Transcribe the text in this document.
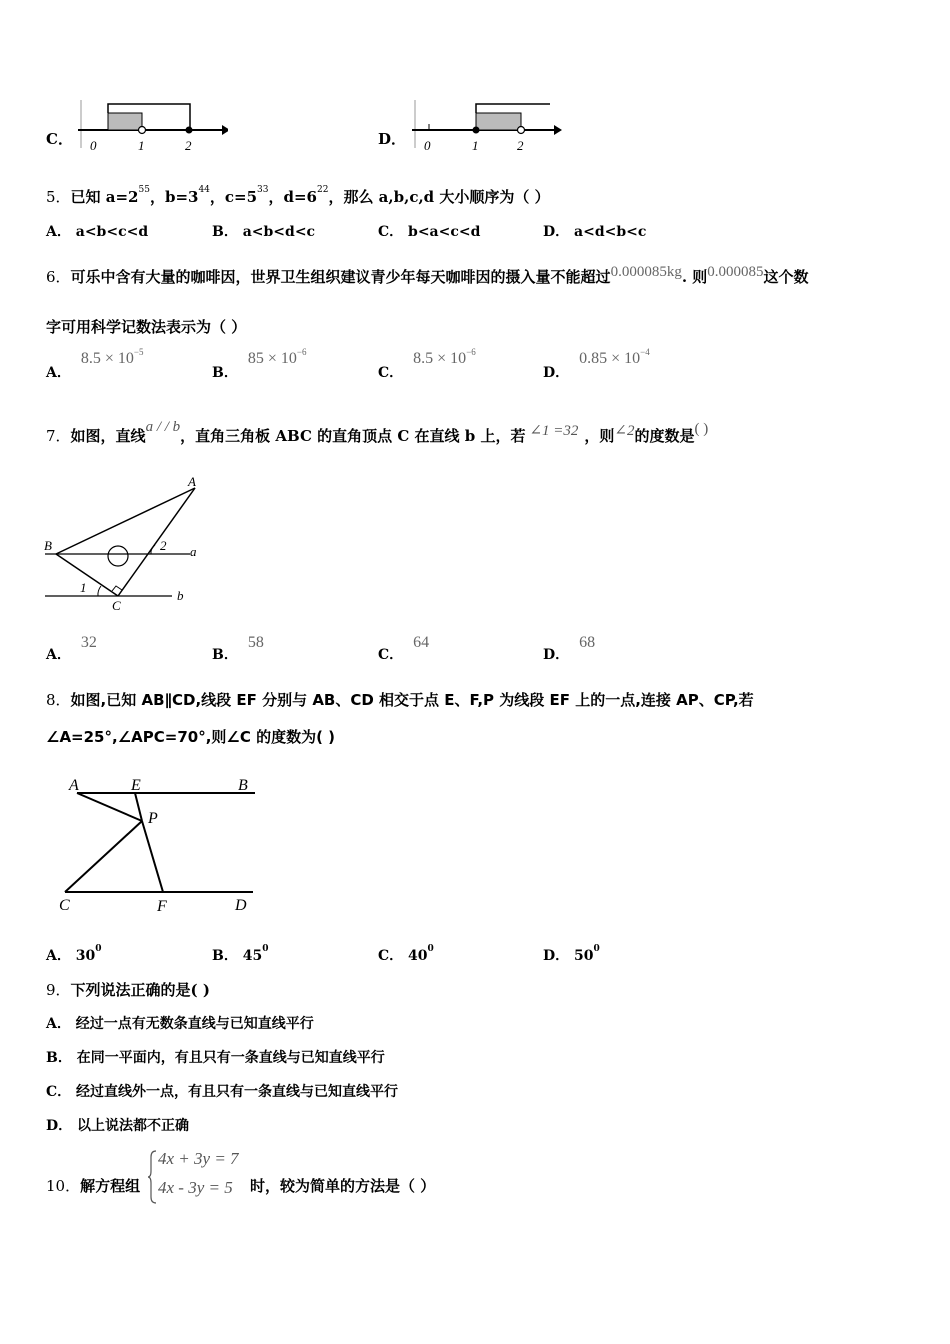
C． 0	1	2	D． 0	1	2
5．已知 $a=2^{55}$，$b=3^{44}$，$c=5^{33}$，$d=6^{22}$，那么 a,b,c,d 大小顺序为（ ）
A． a<b<c<d	B． a<b<d<c	C． b<a<c<d	D． a<d<b<c
6．可乐中含有大量的咖啡因，世界卫生组织建议青少年每天咖啡因的摄入量不能超过0.000085kg. 则0.000085这个数
字可用科学记数法表示为（ ）
A．$8.5 \times 10^{-5}$
B．$85 \times 10^{-6}$
C．$8.5 \times 10^{-6}$
D．$0.85 \times 10^{-4}$
7．如图，直线a / / b，直角三角板 ABC 的直角顶点 C 在直线 b 上，若 ∠1 =32 ，则∠2的度数是( )
A
B
C
a
b
1
2
A．32
B．58
C．64
D．68
8．如图,已知 AB∥CD,线段 EF 分别与 AB、CD 相交于点 E、F,P 为线段 EF 上的一点,连接 AP、CP,若
∠A=25°,∠APC=70°,则∠C 的度数为( )
A	E	B
P
C	F	D
A． $30^0$	B． $45^0$	C． $40^0$	D． $50^0$
9．下列说法正确的是( )
A． 经过一点有无数条直线与已知直线平行
B． 在同一平面内，有且只有一条直线与已知直线平行
C． 经过直线外一点，有且只有一条直线与已知直线平行
D． 以上说法都不正确
10．解方程组
4x + 3y = 7
4x - 3y = 5 时，较为简单的方法是（ ）
